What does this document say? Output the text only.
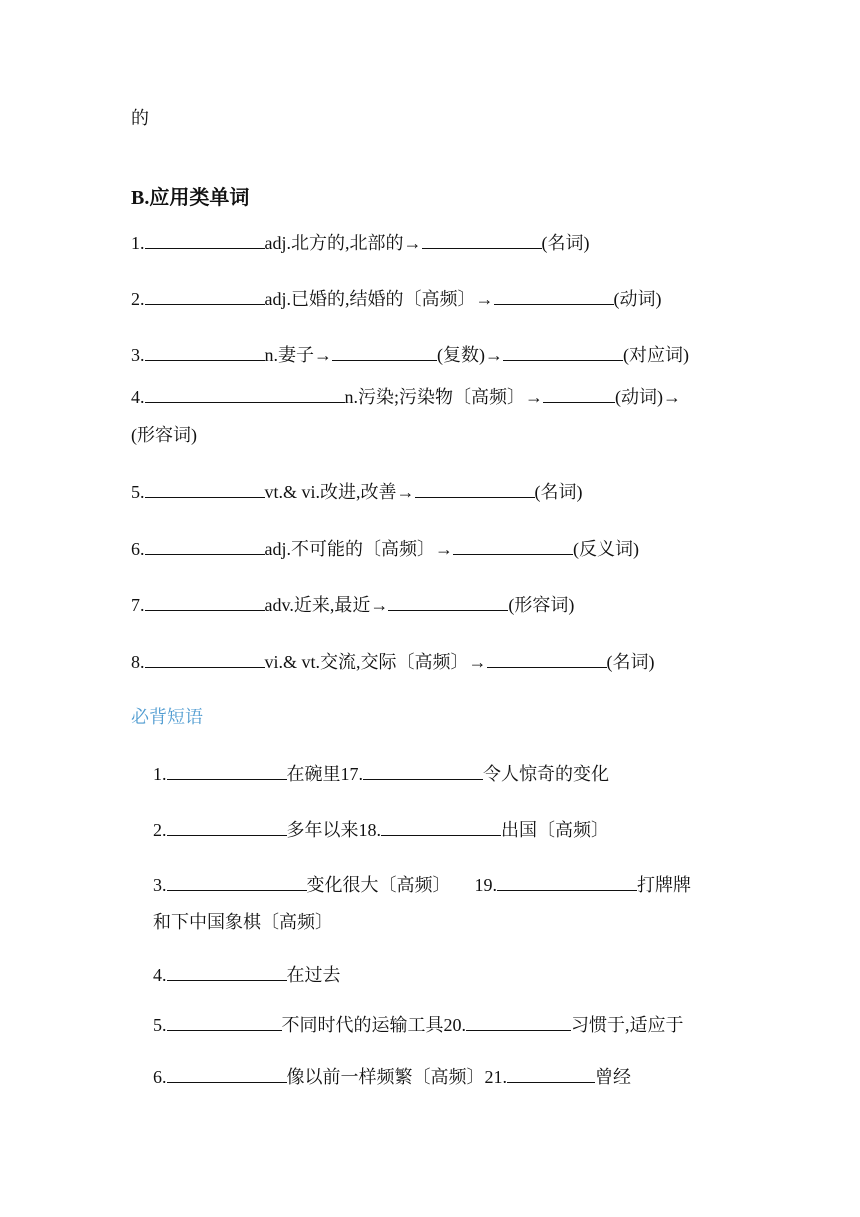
的
B.应用类单词
1.	adj.北方的,北部的→	(名词)
2.	adj.已婚的,结婚的〔高频〕→	(动词)
3.	n.妻子→	(复数)→	(对应词)
4.	n.污染;污染物〔高频〕→	(动词)→
(形容词)
5.	vt.& vi.改进,改善→	(名词)
6.	adj.不可能的〔高频〕→	(反义词)
7.	adv.近来,最近→	(形容词)
8.	vi.& vt.交流,交际〔高频〕→	(名词)
必背短语
1.	在碗里17.	令人惊奇的变化
2.	多年以来18.	出国〔高频〕
3.	变化很大〔高频〕 19.	打牌牌
和下中国象棋〔高频〕
4.	在过去
5.	不同时代的运输工具20.	习惯于,适应于
6.	像以前一样频繁〔高频〕21.	曾经
